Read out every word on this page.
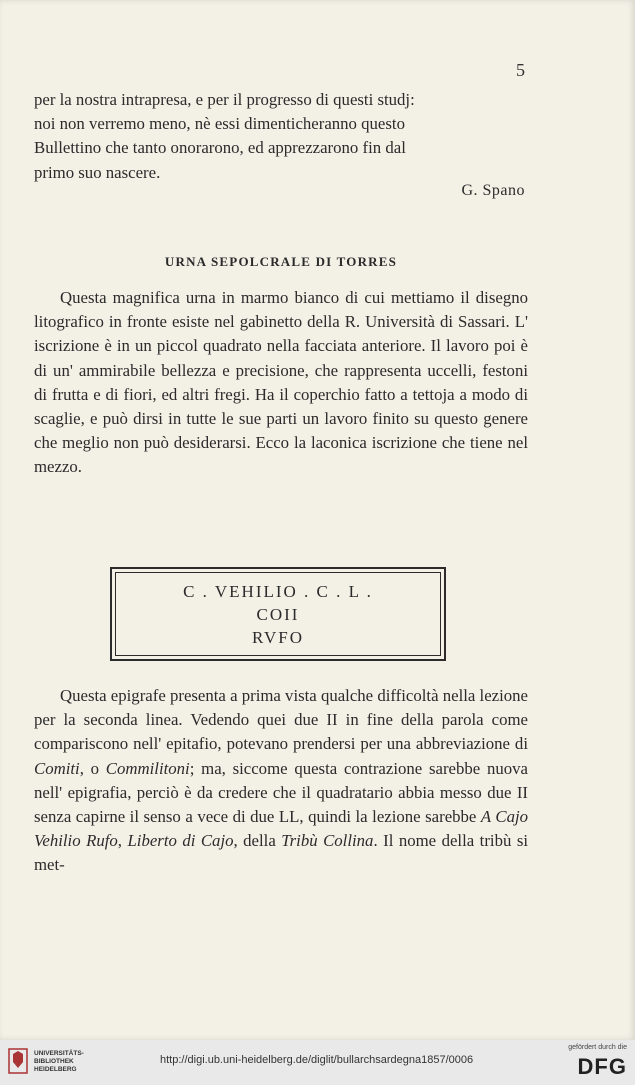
5

per la nostra intrapresa, e per il progresso di questi studj:

noi non verremo meno, nè essi dimenticheranno questo

Bullettino che tanto onorarono, ed apprezzarono fin dal

primo suo nascere.

G. Spano
URNA SEPOLCRALE DI TORRES

Questa magnifica urna in marmo bianco di cui mettiamo il disegno litografico in fronte esiste nel gabinetto della R. Università di Sassari. L' iscrizione è in un piccol quadrato nella facciata anteriore. Il lavoro poi è di un' ammirabile bellezza e precisione, che rappresenta uccelli, festoni di frutta e di fiori, ed altri fregi. Ha il coperchio fatto a tettoja a modo di scaglie, e può dirsi in tutte le sue parti un lavoro finito su questo genere che meglio non può desiderarsi. Ecco la laconica iscrizione che tiene nel mezzo.

C . VEHILIO . C . L .
COII
RVFO

Questa epigrafe presenta a prima vista qualche difficoltà nella lezione per la seconda linea. Vedendo quei due II in fine della parola come compariscono nell' epitafio, potevano prendersi per una abbreviazione di Comiti, o Commilitoni; ma, siccome questa contrazione sarebbe nuova nell' epigrafia, perciò è da credere che il quadratario abbia messo due II senza capirne il senso a vece di due LL, quindi la lezione sarebbe A Cajo Vehilio Rufo, Liberto di Cajo, della Tribù Collina. Il nome della tribù si met-

UNIVERSITÄTS-
BIBLIOTHEK
HEIDELBERG
http://digi.ub.uni-heidelberg.de/diglit/bullarchsardegna1857/0006
gefördert durch die
DFG
